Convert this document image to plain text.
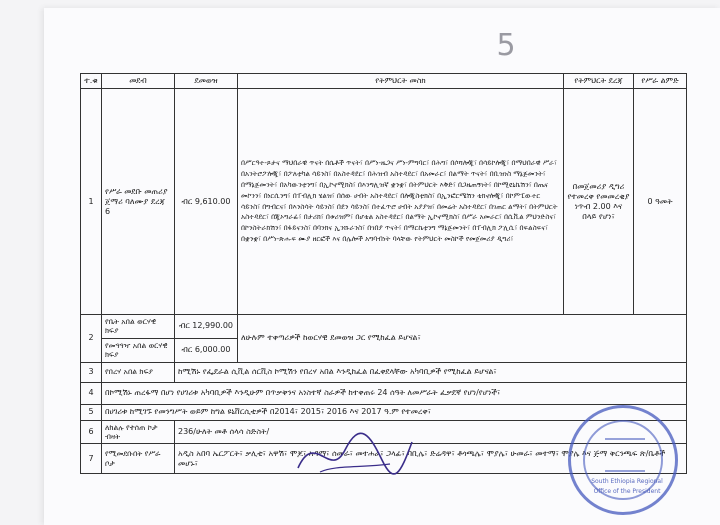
5
ተ.ቁ	መደብ	ደመወዝ	የትምህርት መስክ	የትምህርት ደረጃ	የሥራ ልምድ
1	የሥራ መደቡ መጠሪያ ጀማሪ ባለሙያ ደረጃ 6	ብር 9,610.00	በሥርዓተ-ጾታና ማህበራዊ ጥናት በሴቶች ጥናት፣ በሥነ-ዜጋና ሥነ-ምግባር፣ በሕግ፣ በሶሻሎጂ፣ በሳይኮሎጂ፣ በማህበራዊ ሥራ፣ በአንትሮፖሎጂ፣ በፖለቲካል ሳይንስ፣ በአስተዳደር፣ በሕዝብ አስተዳደር፣ በአመራር፣ በልማት ጥናት፣ በቢዝነስ ማኔጅመንት፣ በማኔጅመንት፣ በአካውንቲንግ፣ በኢኮኖሚክስ፣ በእንግሊዝኛ ቋንቋ፣ በትምህርት እቅድ፣ በጋዜጠኝነት፣ በኮሚዩኒኬሽን፣ በጤና መኮንን፣ በነርሲንግ፣ በፐብሊክ ሄልዝ፣ በሰው ሀብት አስተዳደር፣ በሎጂስቲክስ፣ በኢንፎርሜሽን ቴክኖሎጂ፣ በኮምፒውተር ሳይንስ፣ በግብርና፣ በእንስሳት ሳይንስ፣ በደን ሳይንስ፣ በተፈጥሮ ሀብት አያያዝ፣ በመሬት አስተዳደር፣ በገጠር ልማት፣ በትምህርት አስተዳደር፣ በጂኦግራፊ፣ በታሪክ፣ በቱሪዝም፣ በሆቴል አስተዳደር፣ በልማት ኢኮኖሚክስ፣ በሥራ አመራር፣ በሲቪል ምህንድስና፣ በኮንስትራክሽን፣ በፋይናንስ፣ በባንክና ኢንሹራንስ፣ በገበያ ጥናት፣ በማርኬቲንግ ማኔጅመንት፣ በፐብሊክ ፖሊሲ፣ በፍልስፍና፣ በቋንቋ፣ በሥነ-ጽሑፍ ሙያ ዘርፎች እና በሌሎች አግባብነት ባላቸው የትምህርት መስኮች የመጀመሪያ ዲግሪ፣	በመጀመሪያ ዲግሪ የተመረቀ የመመረቂያ ነጥብ 2.00 እና በላይ የሆነ፣	0 ዓመት
2	የቤት አበል ወርሃዊ ክፍያ	ብር 12,990.00	ለሁሉም ተቀጣሪዎች ከወርሃዊ ደመወዝ ጋር የሚከፈል ይሆናል፣		
	የመጓጓዣ አበል ወርሃዊ ክፍያ	ብር 6,000.00			
3	የበረሃ አበል ክፍያ	ከሚሽኑ የፌደራል ሲቪል ሰርቪስ ኮሚሽን የበረሃ አበል እንዲከፈል በፈቀደላቸው አካባቢዎች የሚከፈል ይሆናል፣			
4	በኮሚሽኑ ጠረፋማ በሆነ የሀገሪቱ አካባቢዎች እንዲሁም በጥቃቅንና አነስተኛ ስራዎች ከተቀጠሩ 24 ሰዓት ለመሥራት ፈቃደኛ የሆነ/የሆነች፣				
5	በሀገሪቱ ከሚገኙ የመንግሥት ወይም ከግል ዩኒቨርሲቲዎች በ2014፣ 2015፣ 2016 እና 2017 ዓ.ም የተመረቀ፣				
6	ለክልሉ የተሰጠ ኮታ ብዛት	236/ሁለት መቶ ሰላሳ ስድስት/			
7	የሚመደቡበት የሥራ ቦታ	አዲስ አበባ ኤርፖርት፣ ቃሊቲ፣ አዋሽ፣ ሞጆ፣ አዳማ፣ ሰመራ፣ መተሐራ፣ ጋላፊ፣ ባቢሌ፣ ድሬዳዋ፣ ቶጎጫሌ፣ ሞያሌ፣ ሁመራ፣ መተማ፣ ሞያሌ እና ጅማ ቅርንጫፍ ጽ/ቤቶች መሆኑ፣			
South Ethiopia Regional
Office of the President
